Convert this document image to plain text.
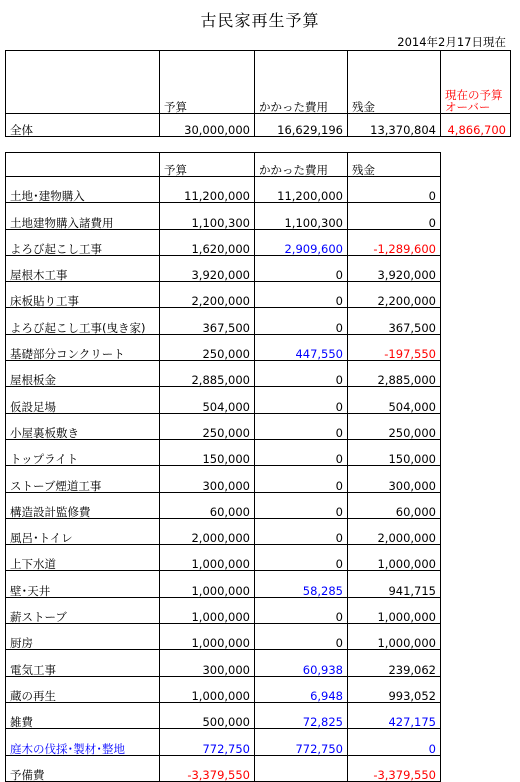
古民家再生予算
2014年2月17日現在
	予算	かかった費用	残金	現在の予算
オーバー

全体	30,000,000	16,629,196	13,370,804	4,866,700
	予算	かかった費用	残金
土地･建物購入	11,200,000	11,200,000	0
土地建物購入諸費用	1,100,300	1,100,300	0
よろび起こし工事	1,620,000	2,909,600	-1,289,600
屋根木工事	3,920,000	0	3,920,000
床板貼り工事	2,200,000	0	2,200,000
よろび起こし工事(曳き家)	367,500	0	367,500
基礎部分コンクリート	250,000	447,550	-197,550
屋根板金	2,885,000	0	2,885,000
仮設足場	504,000	0	504,000
小屋裏板敷き	250,000	0	250,000
トップライト	150,000	0	150,000
ストーブ煙道工事	300,000	0	300,000
構造設計監修費	60,000	0	60,000
風呂･トイレ	2,000,000	0	2,000,000
上下水道	1,000,000	0	1,000,000
壁･天井	1,000,000	58,285	941,715
薪ストーブ	1,000,000	0	1,000,000
厨房	1,000,000	0	1,000,000
電気工事	300,000	60,938	239,062
蔵の再生	1,000,000	6,948	993,052
雑費	500,000	72,825	427,175
庭木の伐採･製材･整地	772,750	772,750	0
予備費	-3,379,550		-3,379,550
